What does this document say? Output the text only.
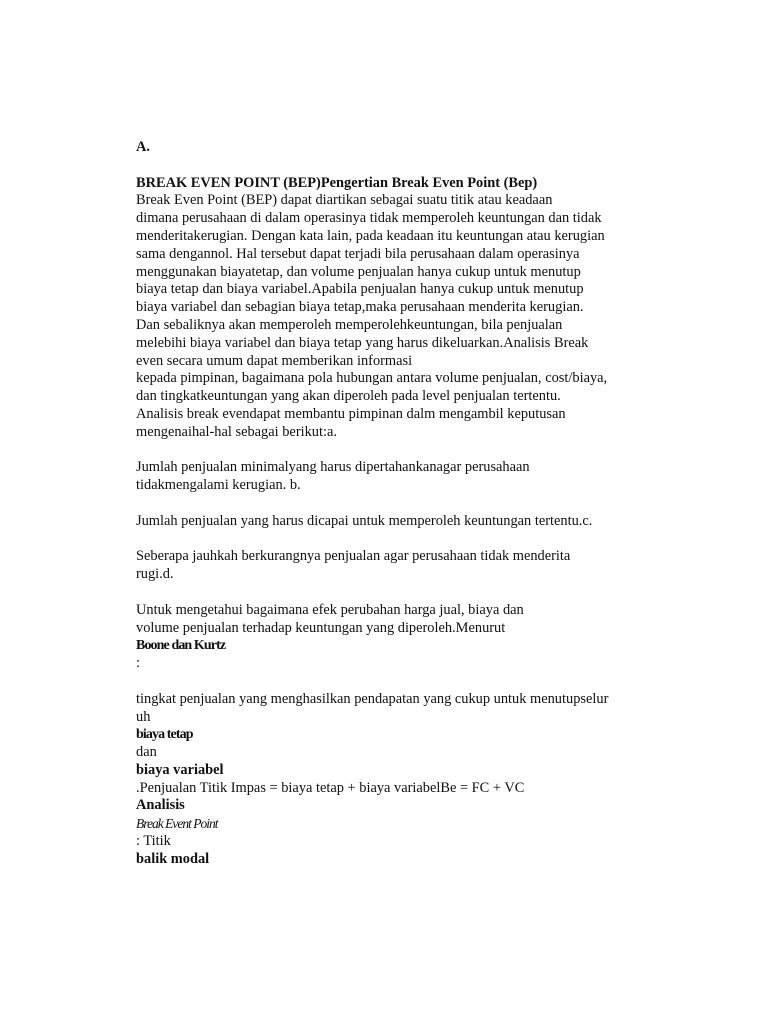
A.
BREAK EVEN POINT (BEP)Pengertian Break Even Point (Bep)
Break Even Point (BEP) dapat diartikan sebagai suatu titik atau keadaan
dimana perusahaan di dalam operasinya tidak memperoleh keuntungan dan tidak
menderitakerugian. Dengan kata lain, pada keadaan itu keuntungan atau kerugian
sama dengannol. Hal tersebut dapat terjadi bila perusahaan dalam operasinya
menggunakan biayatetap, dan volume penjualan hanya cukup untuk menutup
biaya tetap dan biaya variabel.Apabila penjualan hanya cukup untuk menutup
biaya variabel dan sebagian biaya tetap,maka perusahaan menderita kerugian.
Dan sebaliknya akan memperoleh memperolehkeuntungan, bila penjualan
melebihi biaya variabel dan biaya tetap yang harus dikeluarkan.Analisis Break
even secara umum dapat memberikan informasi
kepada pimpinan, bagaimana pola hubungan antara volume penjualan, cost/biaya,
dan tingkatkeuntungan yang akan diperoleh pada level penjualan tertentu.
Analisis break evendapat membantu pimpinan dalm mengambil keputusan
mengenaihal-hal sebagai berikut:a.
Jumlah penjualan minimalyang harus dipertahankanagar perusahaan
tidakmengalami kerugian. b.
Jumlah penjualan yang harus dicapai untuk memperoleh keuntungan tertentu.c.
Seberapa jauhkah berkurangnya penjualan agar perusahaan tidak menderita
rugi.d.
Untuk mengetahui bagaimana efek perubahan harga jual, biaya dan
volume penjualan terhadap keuntungan yang diperoleh.Menurut
Boone dan Kurtz
:
tingkat penjualan yang menghasilkan pendapatan yang cukup untuk menutupselur
uh
biaya tetap
dan
biaya variabel
.Penjualan Titik Impas = biaya tetap + biaya variabelBe = FC + VC
Analisis
Break Event Point
: Titik
balik modal
